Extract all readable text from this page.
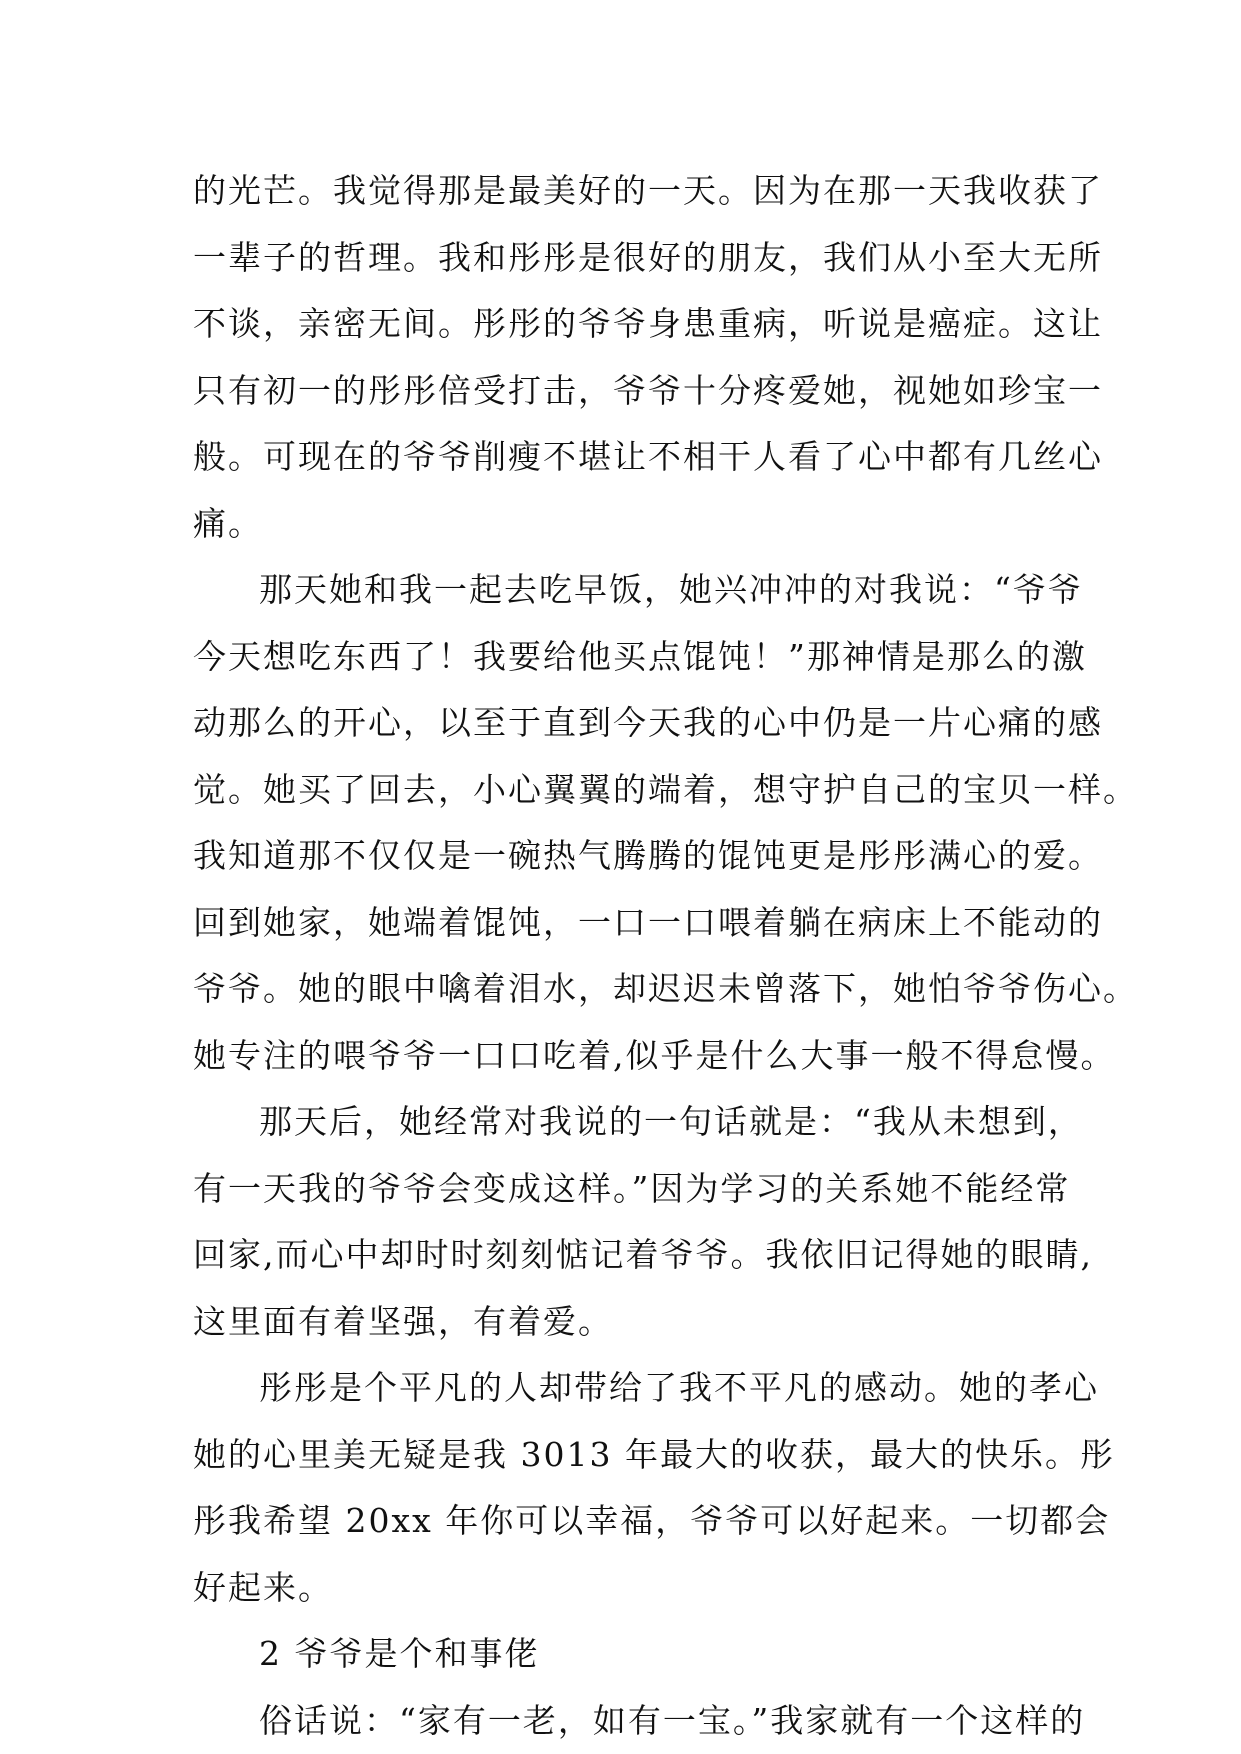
的光芒。我觉得那是最美好的一天。因为在那一天我收获了
一辈子的哲理。我和彤彤是很好的朋友，我们从小至大无所
不谈，亲密无间。彤彤的爷爷身患重病，听说是癌症。这让
只有初一的彤彤倍受打击，爷爷十分疼爱她，视她如珍宝一
般。可现在的爷爷削瘦不堪让不相干人看了心中都有几丝心
痛。
那天她和我一起去吃早饭，她兴冲冲的对我说：“爷爷
今天想吃东西了！我要给他买点馄饨！”那神情是那么的激
动那么的开心，以至于直到今天我的心中仍是一片心痛的感
觉。她买了回去，小心翼翼的端着，想守护自己的宝贝一样。
我知道那不仅仅是一碗热气腾腾的馄饨更是彤彤满心的爱。
回到她家，她端着馄饨，一口一口喂着躺在病床上不能动的
爷爷。她的眼中噙着泪水，却迟迟未曾落下，她怕爷爷伤心。
她专注的喂爷爷一口口吃着,似乎是什么大事一般不得怠慢。
那天后，她经常对我说的一句话就是：“我从未想到，
有一天我的爷爷会变成这样。”因为学习的关系她不能经常
回家,而心中却时时刻刻惦记着爷爷。我依旧记得她的眼睛,
这里面有着坚强，有着爱。
彤彤是个平凡的人却带给了我不平凡的感动。她的孝心
她的心里美无疑是我 3013 年最大的收获，最大的快乐。彤
彤我希望 20xx 年你可以幸福，爷爷可以好起来。一切都会
好起来。
2 爷爷是个和事佬
俗话说：“家有一老，如有一宝。”我家就有一个这样的
